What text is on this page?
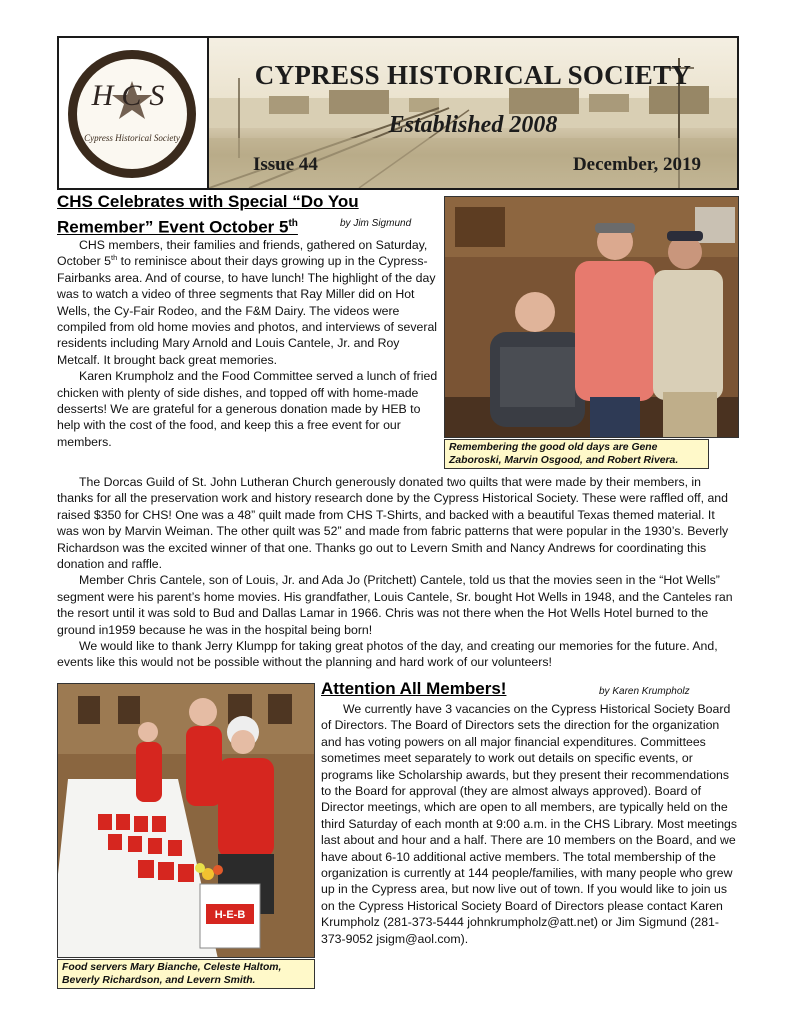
HCS
Cypress Historical Society
CYPRESS HISTORICAL SOCIETY
Established 2008
Issue 44	December, 2019
CHS Celebrates with Special “Do You
Remember” Event October 5th	by Jim Sigmund

CHS members, their families and friends, gathered on Saturday, October 5th to reminisce about their days growing up in the Cypress-Fairbanks area. And of course, to have lunch! The highlight of the day was to watch a video of three segments that Ray Miller did on Hot Wells, the Cy-Fair Rodeo, and the F&M Dairy. The videos were compiled from old home movies and photos, and interviews of several residents including Mary Arnold and Louis Cantele, Jr. and Roy Metcalf. It brought back great memories.

Karen Krumpholz and the Food Committee served a lunch of fried chicken with plenty of side dishes, and topped off with home-made desserts! We are grateful for a generous donation made by HEB to help with the cost of the food, and keep this a free event for our members.	Remembering the good old days are Gene Zaboroski, Marvin Osgood, and Robert Rivera.

The Dorcas Guild of St. John Lutheran Church generously donated two quilts that were made by their members, in thanks for all the preservation work and history research done by the Cypress Historical Society. These were raffled off, and raised $350 for CHS! One was a 48” quilt made from CHS T-Shirts, and backed with a beautiful Texas themed material. It was won by Marvin Weiman. The other quilt was 52” and made from fabric patterns that were popular in the 1930’s. Beverly Richardson was the excited winner of that one. Thanks go out to Levern Smith and Nancy Andrews for coordinating this donation and raffle.

Member Chris Cantele, son of Louis, Jr. and Ada Jo (Pritchett) Cantele, told us that the movies seen in the “Hot Wells” segment were his parent’s home movies. His grandfather, Louis Cantele, Sr. bought Hot Wells in 1948, and the Canteles ran the resort until it was sold to Bud and Dallas Lamar in 1966. Chris was not there when the Hot Wells Hotel burned to the ground in1959 because he was in the hospital being born!

We would like to thank Jerry Klumpp for taking great photos of the day, and creating our memories for the future. And, events like this would not be possible without the planning and hard work of our volunteers!

H-E-B
Food servers Mary Bianche, Celeste Haltom, Beverly Richardson, and Levern Smith.
Attention All Members!	by Karen Krumpholz

We currently have 3 vacancies on the Cypress Historical Society Board of Directors. The Board of Directors sets the direction for the organization and has voting powers on all major financial expenditures. Committees sometimes meet separately to work out details on specific events, or programs like Scholarship awards, but they present their recommendations to the Board for approval (they are almost always approved). Board of Director meetings, which are open to all members, are typically held on the third Saturday of each month at 9:00 a.m. in the CHS Library. Most meetings last about and hour and a half. There are 10 members on the Board, and we have about 6-10 additional active members. The total membership of the organization is currently at 144 people/families, with many people who grew up in the Cypress area, but now live out of town. If you would like to join us on the Cypress Historical Society Board of Directors please contact Karen Krumpholz (281-373-5444 johnkrumpholz@att.net) or Jim Sigmund (281-373-9052 jsigm@aol.com).
